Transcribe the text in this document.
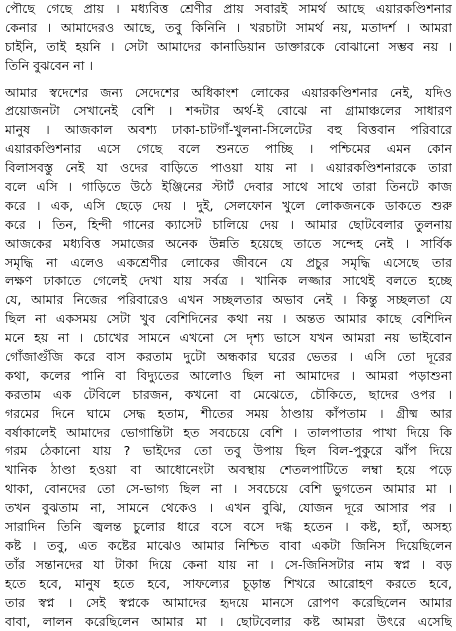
পৌছে গেছে প্রায় । মধ্যবিত্ত শ্রেণীর প্রায় সবারই সামর্থ আছে এয়ারকণ্ডিশনার
কেনার । আমাদেরও আছে, তবু কিনিনি । খরচাটা সামর্থ নয়, মতাদর্শ । আমরা
চাইনি, তাই হয়নি । সেটা আমাদের কানাডিয়ান ডাক্তারকে বোঝানো সম্ভব নয় ।
তিনি বুঝবেন না ।
আমার স্বদেশের জন্য সেদেশের অধিকাংশ লোকের এয়ারকণ্ডিশনার নেই, যদিও
প্রয়োজনটা সেখানেই বেশি । শব্দটার অর্থ-ই বোঝে না গ্রামাঞ্চলের সাধারণ
মানুষ । আজকাল অবশ্য ঢাকা-চাটগাঁ-খুলনা-সিলেটের বহু বিত্তবান পরিবারে
এয়ারকণ্ডিশনার এসে গেছে বলে শুনতে পাচ্ছি । পশ্চিমের এমন কোন
বিলাসবস্তু নেই যা ওদের বাড়িতে পাওয়া যায় না । এয়ারকণ্ডিশনারকে তারা
বলে এসি । গাড়িতে উঠে ইঞ্জিনের স্টার্ট দেবার সাথে সাথে তারা তিনটে কাজ
করে । এক, এসি ছেড়ে দেয় । দুই, সেলফোন খুলে লোকজনকে ডাকতে শুরু
করে । তিন, হিন্দী গানের ক্যাসেট চালিয়ে দেয় । আমার ছোটবেলার তুলনায়
আজকের মধ্যবিত্ত সমাজের অনেক উন্নতি হয়েছে তাতে সন্দেহ নেই । সার্বিক
সমৃদ্ধি না এলেও একশ্রেণীর লোকের জীবনে যে প্রচুর সমৃদ্ধি এসেছে তার
লক্ষণ ঢাকাতে গেলেই দেখা যায় সর্বত্র । খানিক লজ্জার সাথেই বলতে হচ্ছে
যে, আমার নিজের পরিবারেও এখন সচ্ছলতার অভাব নেই । কিন্তু সচ্ছলতা যে
ছিল না একসময় সেটা খুব বেশিদিনের কথা নয় । অন্তত আমার কাছে বেশিদিন
মনে হয় না । চোখের সামনে এখনো সে দৃশ্য ভাসে যখন আমরা নয় ভাইবোন
গোঁজাগুঁজি করে বাস করতাম দুটো অন্ধকার ঘরের ভেতর । এসি তো দূরের
কথা, কলের পানি বা বিদ্যুতের আলোও ছিল না আমাদের । আমরা পড়াশুনা
করতাম এক টেবিলে চারজন, কখনো বা মেঝেতে, চৌকিতে, ছাদের ওপর ।
গরমের দিনে ঘামে সেদ্ধ হতাম, শীতের সময় ঠাণ্ডায় কাঁপতাম । গ্রীষ্ম আর
বর্ষাকালেই আমাদের ভোগান্তিটা হত সবচেয়ে বেশি । তালপাতার পাখা দিয়ে কি
গরম ঠেকানো যায় ? ভাইদের তো তবু উপায় ছিল বিল-পুকুরে ঝাঁপ দিয়ে
খানিক ঠাণ্ডা হওয়া বা আধোনেংটা অবস্থায় শেতলপাটিতে লম্বা হয়ে পড়ে
থাকা, বোনদের তো সে-ভাগ্য ছিল না । সবচেয়ে বেশি ভুগতেন আমার মা ।
তখন বুঝতাম না, সামনে থেকেও । এখন বুঝি, যোজন দূরে আসার পর ।
সারাদিন তিনি জ্বলন্ত চুলোর ধারে বসে বসে দগ্ধ হতেন । কষ্ট, হ্যাঁ, অসহ্য
কষ্ট । তবু, এত কষ্টের মাঝেও আমার নিশ্চিত বাবা একটা জিনিস দিয়েছিলেন
তাঁর সন্তানদের যা টাকা দিয়ে কেনা যায় না । সে-জিনিসটার নাম স্বপ্ন । বড়
হতে হবে, মানুষ হতে হবে, সাফল্যের চূড়ান্ত শিখরে আরোহণ করতে হবে,
তার স্বপ্ন । সেই স্বপ্নকে আমাদের হৃদয়ে মানসে রোপণ করেছিলেন আমার
বাবা, লালন করেছিলেন আমার মা । ছোটবেলার কষ্ট আমরা উৎরে এসেছি
